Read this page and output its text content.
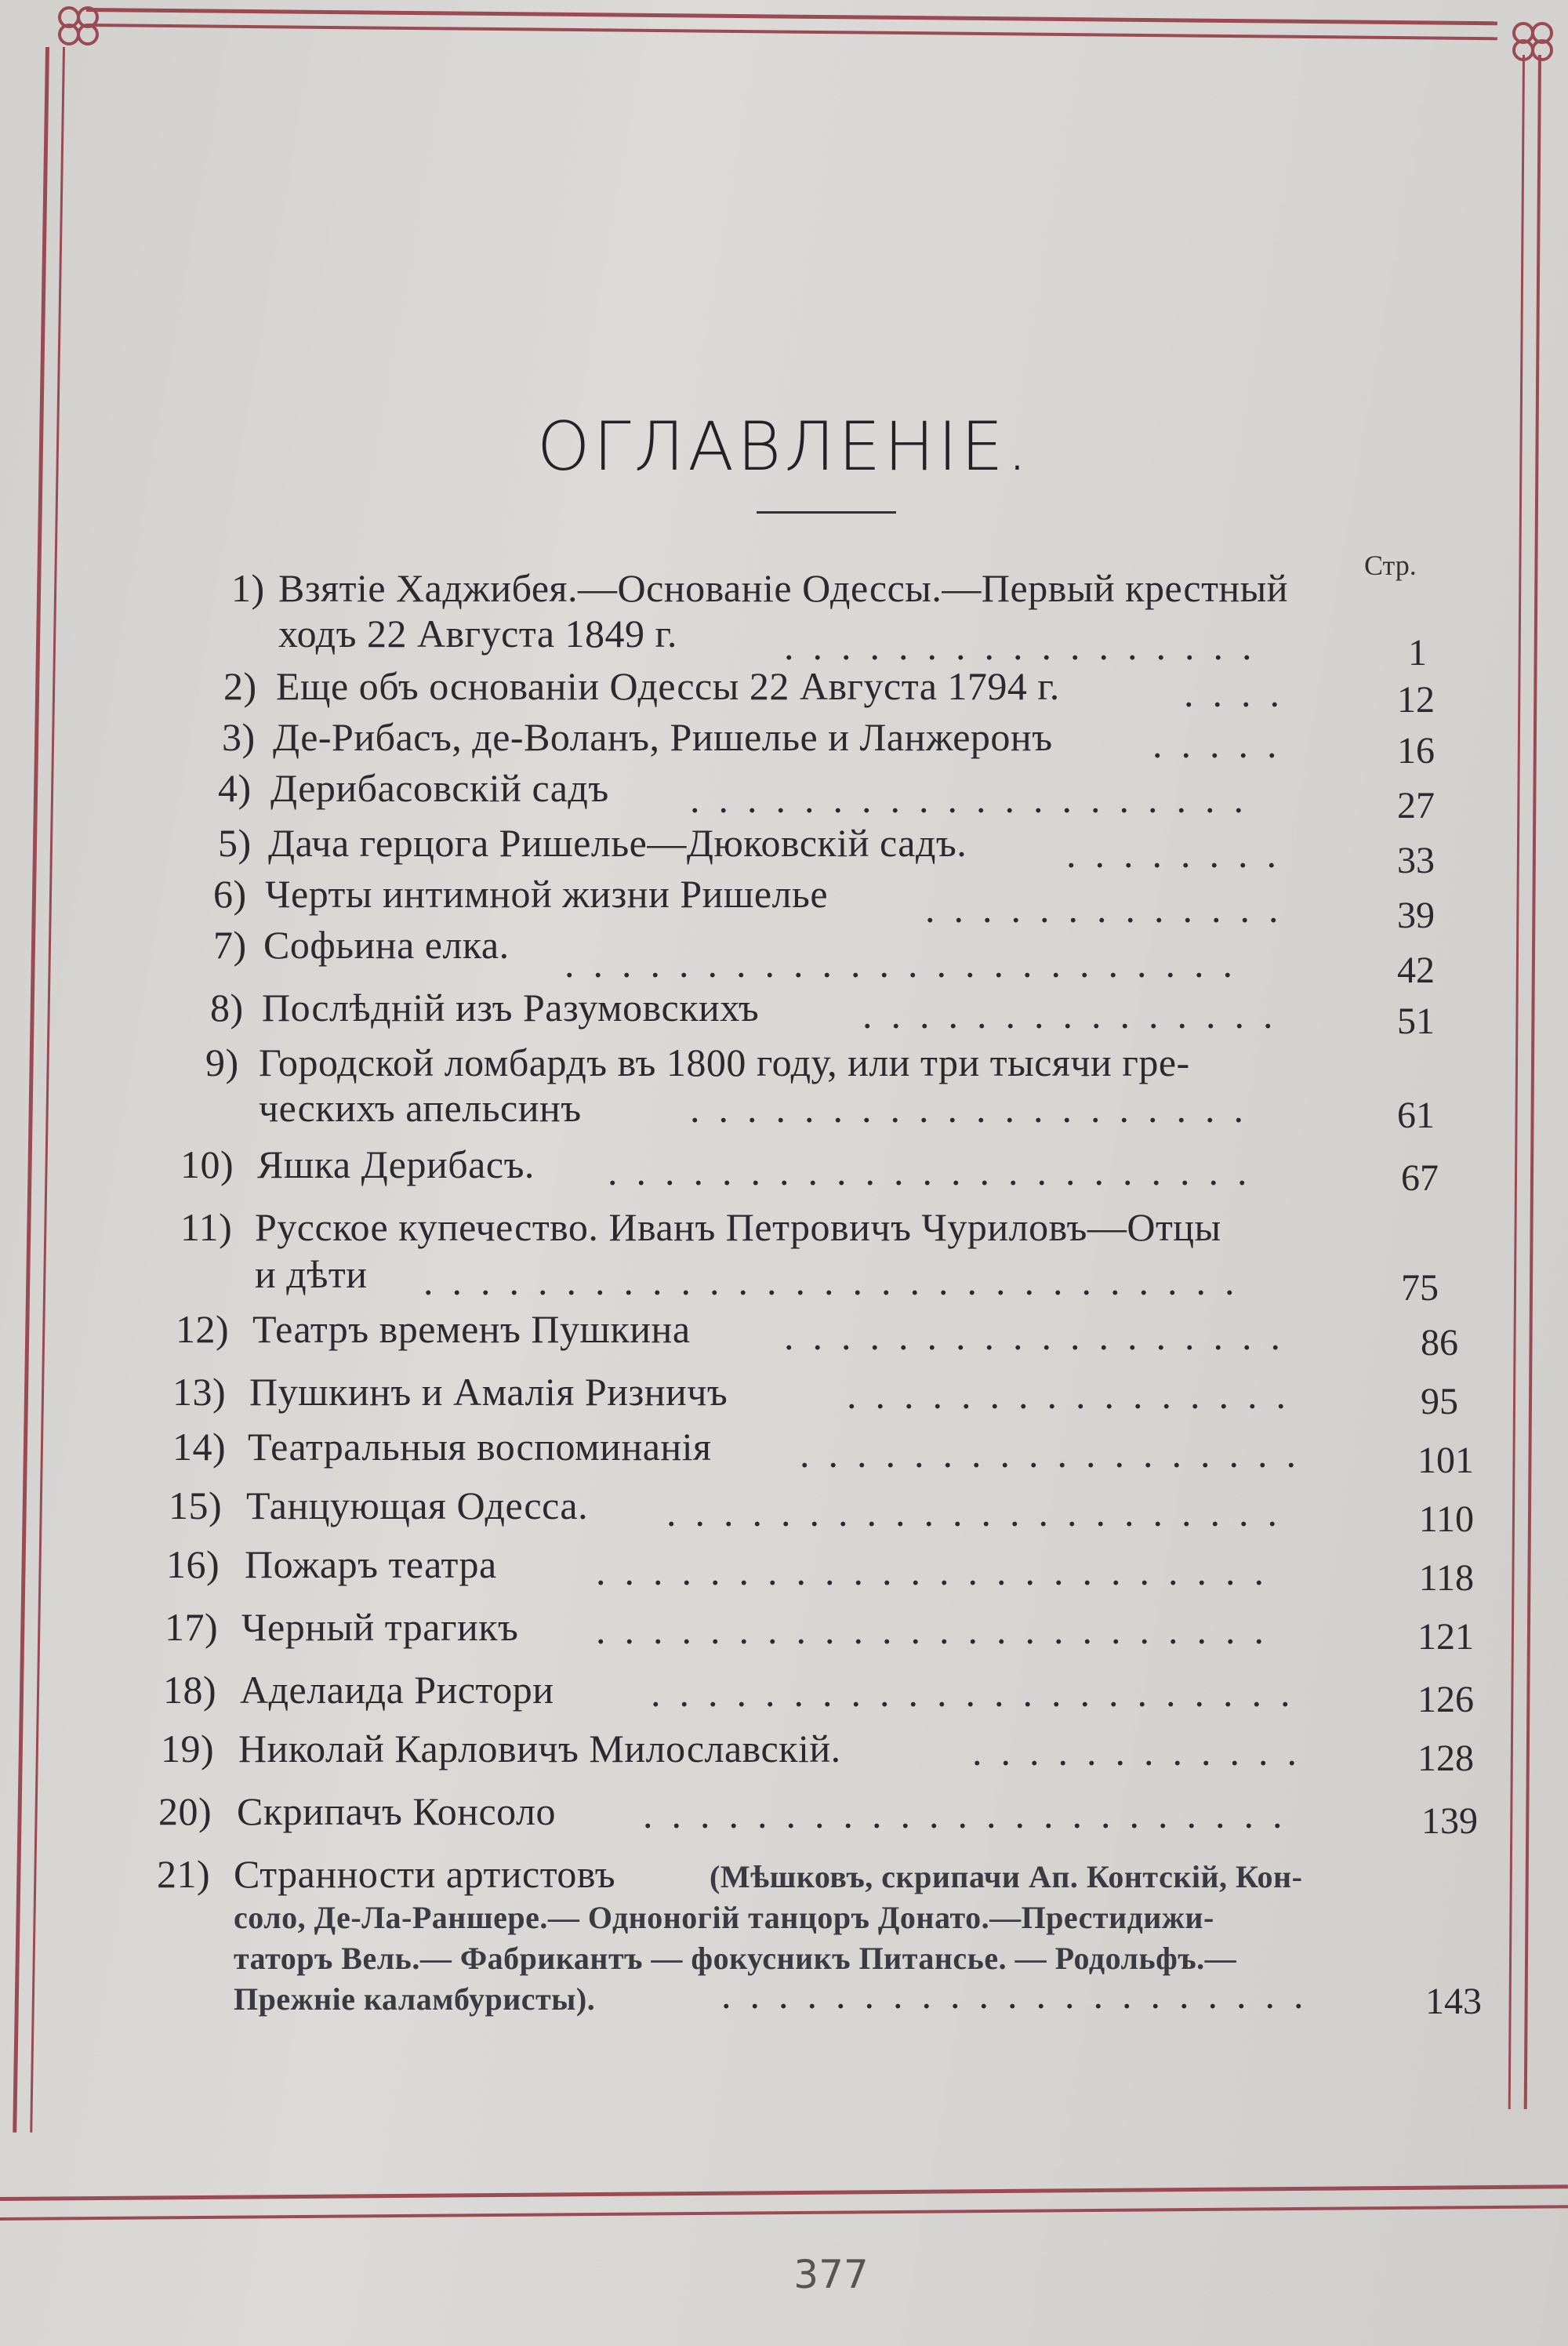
ОГЛАВЛЕНІЕ.
Стр.
1) Взятіе Хаджибея.—Основаніе Одессы.—Первый крестный
ходъ 22 Августа 1849 г.	.................	1
2) Еще объ основаніи Одессы 22 Августа 1794 г.	....	12
3) Де-Рибасъ, де-Воланъ, Ришелье и Ланжеронъ	.....	16
4) Дерибасовскій садъ ....................	27
5) Дача герцога Ришелье—Дюковскій садъ.	........	33
6) Черты интимной жизни Ришелье .............	39
7) Софьина елка. ........................	42
8) Послѣдній изъ Разумовскихъ	...............	51
9) Городской ломбардъ въ 1800 году, или три тысячи гре-
ческихъ апельсинъ	....................	61
10) Яшка Дерибасъ. .......................	67
11) Русское купечество. Иванъ Петровичъ Чуриловъ—Отцы
и дѣти .............................	75
12) Театръ временъ Пушкина ..................	86
13) Пушкинъ и Амалія Ризничъ	................	95
14) Театральныя воспоминанія ..................	101
15) Танцующая Одесса. ......................	110
16) Пожаръ театра	........................	118
17) Черный трагикъ ........................	121
18) Аделаида Ристори .......................	126
19) Николай Карловичъ Милославскій.	............	128
20) Скрипачъ Консоло .......................	139
21) Странности артистовъ	(Мѣшковъ, скрипачи Ап. Контскій, Кон-
соло, Де-Ла-Раншере.— Одноногій танцоръ Донато.—Престидижи-
таторъ Вель.— Фабрикантъ — фокусникъ Питансье. — Родольфъ.—
Прежніе каламбуристы).	.....................	143
377
